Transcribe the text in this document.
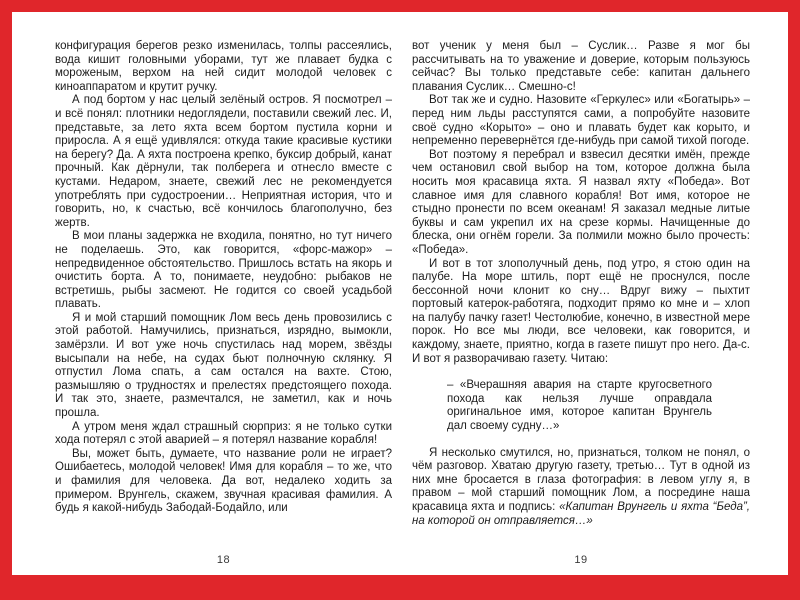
конфигурация берегов резко изменилась, толпы рассеялись, вода кишит головными уборами, тут же плавает будка с мороженым, верхом на ней сидит молодой человек с киноаппаратом и крутит ручку.

А под бортом у нас целый зелёный остров. Я посмотрел – и всё понял: плотники недоглядели, поставили свежий лес. И, представьте, за лето яхта всем бортом пустила корни и приросла. А я ещё удивлялся: откуда такие красивые кустики на берегу? Да. А яхта построена крепко, буксир добрый, канат прочный. Как дёрнули, так полберега и отнесло вместе с кустами. Недаром, знаете, свежий лес не рекомендуется употреблять при судостроении… Неприятная история, что и говорить, но, к счастью, всё кончилось благополучно, без жертв.

В мои планы задержка не входила, понятно, но тут ничего не поделаешь. Это, как говорится, «форс-мажор» – непредвиденное обстоятельство. Пришлось встать на якорь и очистить борта. А то, понимаете, неудобно: рыбаков не встретишь, рыбы засмеют. Не годится со своей усадьбой плавать.

Я и мой старший помощник Лом весь день провозились с этой работой. Намучились, признаться, изрядно, вымокли, замёрзли. И вот уже ночь спустилась над морем, звёзды высыпали на небе, на судах бьют полночную склянку. Я отпустил Лома спать, а сам остался на вахте. Стою, размышляю о трудностях и прелестях предстоящего похода. И так это, знаете, размечтался, не заметил, как и ночь прошла.

А утром меня ждал страшный сюрприз: я не только сутки хода потерял с этой аварией – я потерял название корабля!

Вы, может быть, думаете, что название роли не играет? Ошибаетесь, молодой человек! Имя для корабля – то же, что и фамилия для человека. Да вот, недалеко ходить за примером. Врунгель, скажем, звучная красивая фамилия. А будь я какой-нибудь Забодай-Бодайло, или

18

вот ученик у меня был – Суслик… Разве я мог бы рассчитывать на то уважение и доверие, которым пользуюсь сейчас? Вы только представьте себе: капитан дальнего плавания Суслик… Смешно-с!

Вот так же и судно. Назовите «Геркулес» или «Богатырь» – перед ним льды расступятся сами, а попробуйте назовите своё судно «Корыто» – оно и плавать будет как корыто, и непременно перевернётся где-нибудь при самой тихой погоде.

Вот поэтому я перебрал и взвесил десятки имён, прежде чем остановил свой выбор на том, которое должна была носить моя красавица яхта. Я назвал яхту «Победа». Вот славное имя для славного корабля! Вот имя, которое не стыдно пронести по всем океанам! Я заказал медные литые буквы и сам укрепил их на срезе кормы. Начищенные до блеска, они огнём горели. За полмили можно было прочесть: «Победа».

И вот в тот злополучный день, под утро, я стою один на палубе. На море штиль, порт ещё не проснулся, после бессонной ночи клонит ко сну… Вдруг вижу – пыхтит портовый катерок-работяга, подходит прямо ко мне и – хлоп на палубу пачку газет! Честолюбие, конечно, в известной мере порок. Но все мы люди, все человеки, как говорится, и каждому, знаете, приятно, когда в газете пишут про него. Да-с. И вот я разворачиваю газету. Читаю:

– «Вчерашняя авария на старте кругосветного похода как нельзя лучше оправдала оригинальное имя, которое капитан Врунгель дал своему судну…»

Я несколько смутился, но, признаться, толком не понял, о чём разговор. Хватаю другую газету, третью… Тут в одной из них мне бросается в глаза фотография: в левом углу я, в правом – мой старший помощник Лом, а посредине наша красавица яхта и подпись: «Капитан Врунгель и яхта “Беда”, на которой он отправляется…»

19
